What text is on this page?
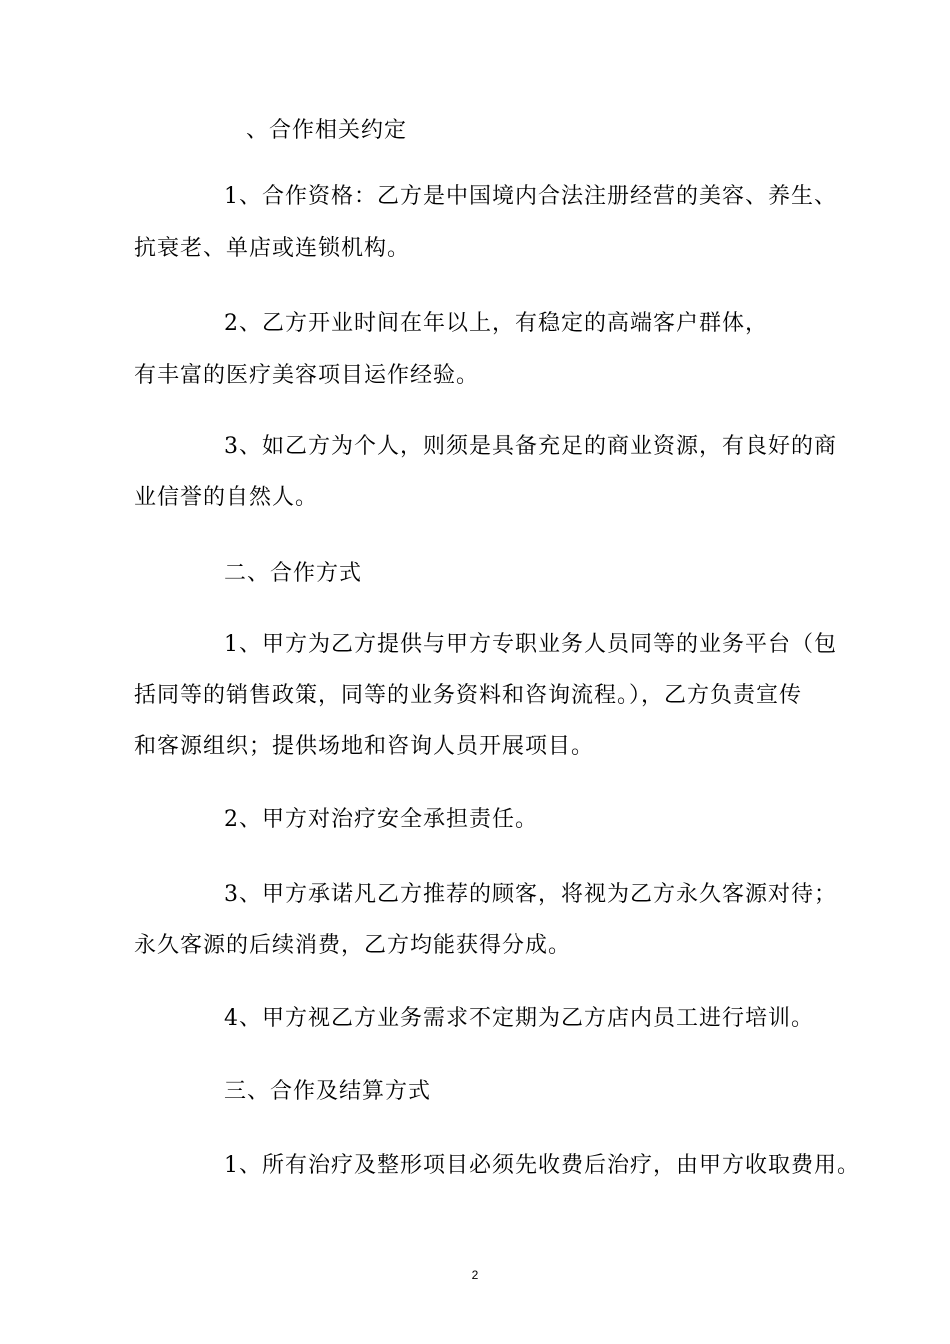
、合作相关约定
1、合作资格：乙方是中国境内合法注册经营的美容、养生、
抗衰老、单店或连锁机构。
2、乙方开业时间在年以上，有稳定的高端客户群体，
有丰富的医疗美容项目运作经验。
3、如乙方为个人，则须是具备充足的商业资源，有良好的商
业信誉的自然人。
二、合作方式
1、甲方为乙方提供与甲方专职业务人员同等的业务平台（包
括同等的销售政策，同等的业务资料和咨询流程。），乙方负责宣传
和客源组织；提供场地和咨询人员开展项目。
2、甲方对治疗安全承担责任。
3、甲方承诺凡乙方推荐的顾客，将视为乙方永久客源对待；
永久客源的后续消费，乙方均能获得分成。
4、甲方视乙方业务需求不定期为乙方店内员工进行培训。
三、合作及结算方式
1、所有治疗及整形项目必须先收费后治疗，由甲方收取费用。
2
